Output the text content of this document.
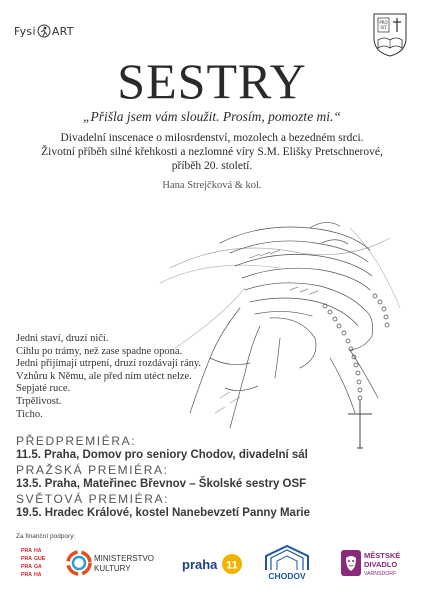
Fysi ART
PRO
SIT
SESTRY
„Přišla jsem vám sloužit. Prosím, pomozte mi.“
Divadelní inscenace o milosrdenství, mozolech a bezedném srdci.
Životní příběh silné křehkosti a nezlomné víry S.M. Elišky Pretschnerové,
příběh 20. století.
Hana Strejčková & kol.
Jedni staví, druzí ničí.
Cihlu po trámy, než zase spadne opona.
Jedni přijímají utrpení, druzí rozdávají rány.
Vzhůru k Němu, ale před ním utéct nelze.
Sepjaté ruce.
Trpělivost.
Ticho.
PŘEDPREMIÉRA:
11.5. Praha, Domov pro seniory Chodov, divadelní sál
PRAŽSKÁ PREMIÉRA:
13.5. Praha, Mateřinec Břevnov – Školské sestry OSF
SVĚTOVÁ PREMIÉRA:
19.5. Hradec Králové, kostel Nanebevzetí Panny Marie
Za finanční podpory:
PRA HA
PRA GUE
PRA GA
PRA HA
MINISTERSTVO
KULTURY	praha 11
CHODOV
MĚSTSKÉ
DIVADLO
VARNSDORF
